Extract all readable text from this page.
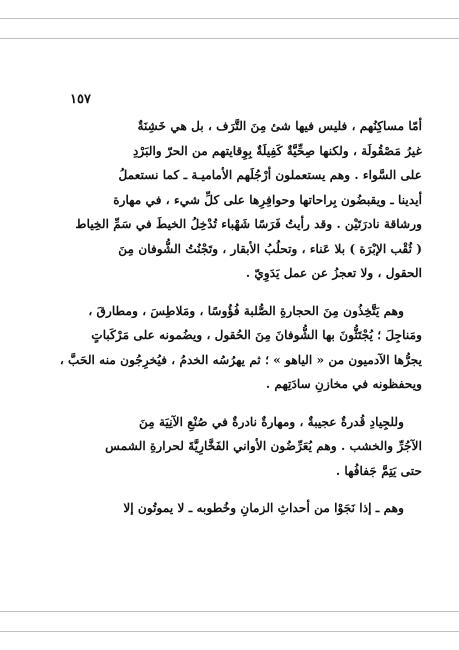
١٥٧
أمّا مساكِنُهم ، فليس فيها شئ مِنَ التَّرَف ، بل هي خَشِنَةٌ
غيرُ مَصْقُولَة ، ولكنها صِحِّيَّةٌ كَفِيلَةٌ بِوِقايتهم من الحرّ والبَرْدِ
على السَّواء . وهم يستعملون أرْجُلَهم الأماميـة ـ كما نستعملُ
أيدينا ـ ويقبضُون بِراحاتها وحوافِرِها على كلِّ شيء ، في مهارة
ورشاقة نادرَتَيْن . وقد رأيتُ فَرَسًا شَهْباء تُدْخِلُ الخيطَ في سَمِّ الخِياط
( ثُقْب الإبْرَة ) بلا عَناء ، وتحلُبُ الأبقار ، وتَجْنُتُ الشُّوفان مِنَ
الحقول ، ولا تعجزُ عن عمل يَدَوِيّ .
وهم يَتَّخِذُون مِنَ الحجارةِ الصُّلبة فُؤُوسًا ، ومَلاطِسَ ، ومطارقَ ،
ومَناجِلَ ؛ يُجْتَثُّونَ بها الشُّوفانَ مِنَ الحُقول ، ويضُمونه على مَرْكَباتٍ
يجرُّها الآدميون من « الياهو » ؛ ثم يهرُسُه الخدمُ ، فيُخرِجُون منه الحَبَّ ،
ويحفظونه في مخازنِ سادَتِهم .
وللجِيادِ قُدرةٌ عجيبةٌ ، ومهارةٌ نادرةٌ في صُنْعِ الآنِيَة مِنَ
الآجُرِّ والخشب . وهم يُعَرِّضُون الأواني الفَخَّارِيَّةَ لحرارةِ الشمس
حتى يَتِمَّ جَفافُها .
وهم ـ إذا نَجَوْا من أحداثِ الزمانِ وخُطوبه ـ لا يموتُون إلا
